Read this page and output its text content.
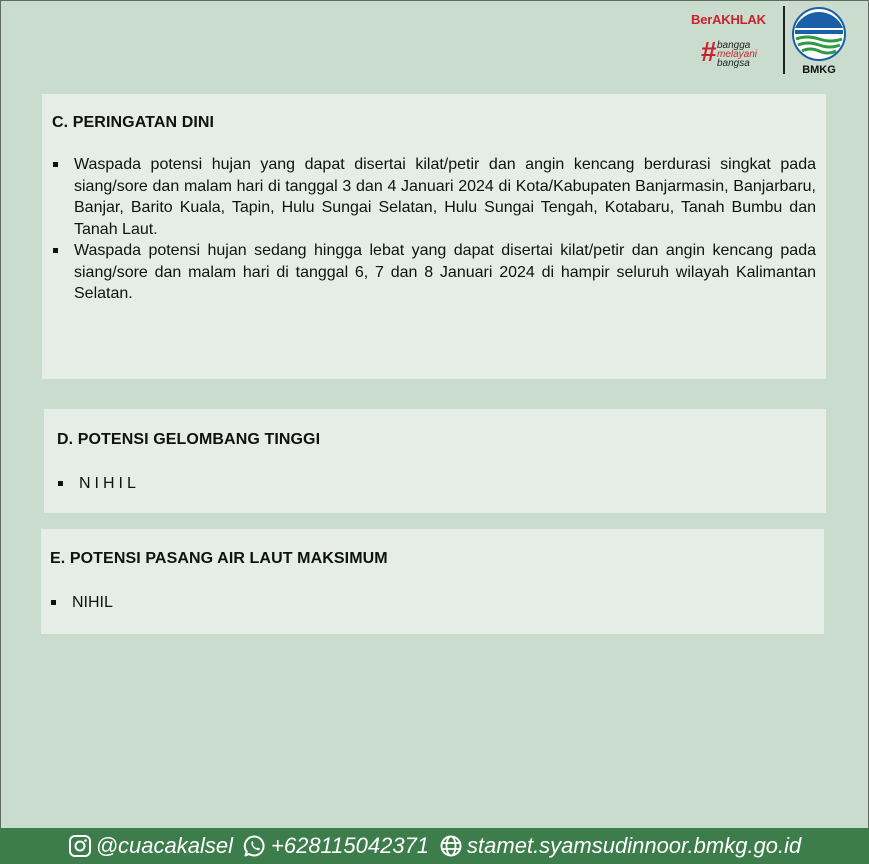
BerAKHLAK
# bangga
melayani
bangsa
BMKG
C. PERINGATAN DINI
Waspada potensi hujan yang dapat disertai kilat/petir dan angin kencang berdurasi singkat pada siang/sore dan malam hari di tanggal 3 dan 4 Januari 2024 di Kota/Kabupaten Banjarmasin, Banjarbaru, Banjar, Barito Kuala, Tapin, Hulu Sungai Selatan, Hulu Sungai Tengah, Kotabaru, Tanah Bumbu dan Tanah Laut.
Waspada potensi hujan sedang hingga lebat yang dapat disertai kilat/petir dan angin kencang pada siang/sore dan malam hari di tanggal 6, 7 dan 8 Januari 2024 di hampir seluruh wilayah Kalimantan Selatan.
D. POTENSI GELOMBANG TINGGI
NIHIL
E. POTENSI PASANG AIR LAUT MAKSIMUM
NIHIL
@cuacakalsel +628115042371 stamet.syamsudinnoor.bmkg.go.id
